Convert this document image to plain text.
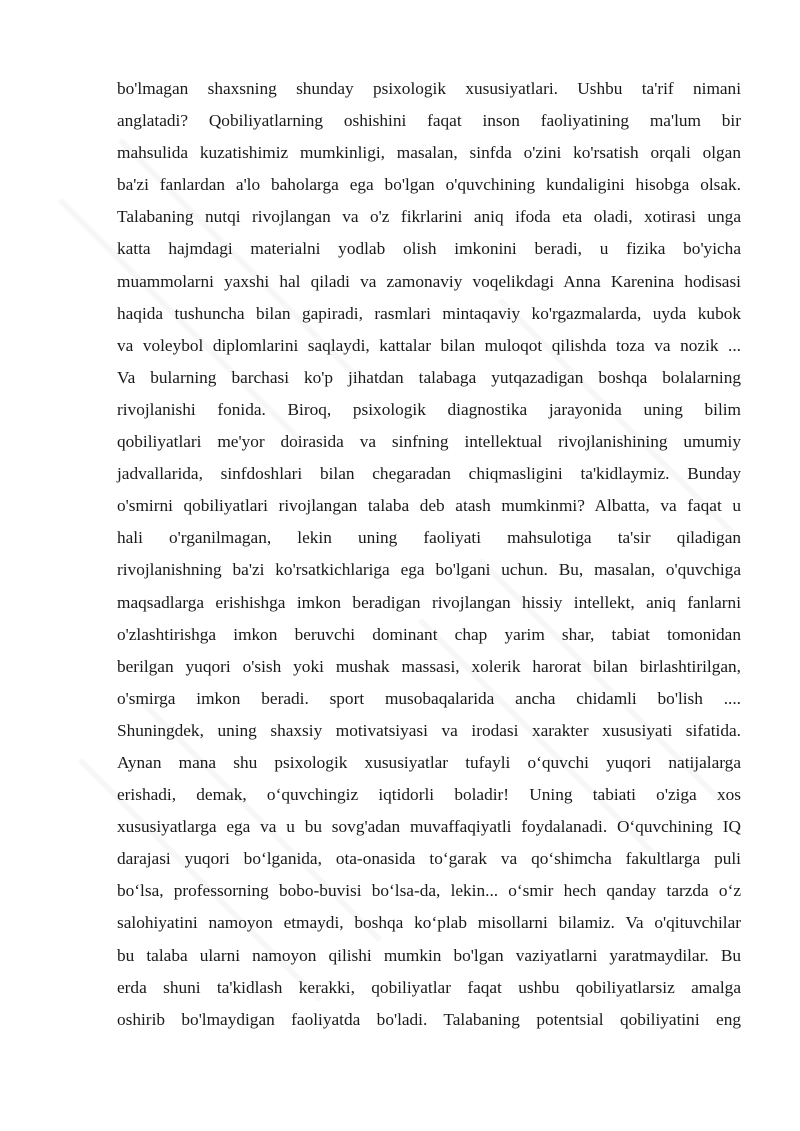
bo'lmagan shaxsning shunday psixologik xususiyatlari. Ushbu ta'rif nimani
anglatadi? Qobiliyatlarning oshishini faqat inson faoliyatining ma'lum bir
mahsulida kuzatishimiz mumkinligi, masalan, sinfda o'zini ko'rsatish orqali olgan
ba'zi fanlardan a'lo baholarga ega bo'lgan o'quvchining kundaligini hisobga olsak.
Talabaning nutqi rivojlangan va o'z fikrlarini aniq ifoda eta oladi, xotirasi unga
katta hajmdagi materialni yodlab olish imkonini beradi, u fizika bo'yicha
muammolarni yaxshi hal qiladi va zamonaviy voqelikdagi Anna Karenina hodisasi
haqida tushuncha bilan gapiradi, rasmlari mintaqaviy ko'rgazmalarda, uyda kubok
va voleybol diplomlarini saqlaydi, kattalar bilan muloqot qilishda toza va nozik ...
Va bularning barchasi ko'p jihatdan talabaga yutqazadigan boshqa bolalarning
rivojlanishi fonida. Biroq, psixologik diagnostika jarayonida uning bilim
qobiliyatlari me'yor doirasida va sinfning intellektual rivojlanishining umumiy
jadvallarida, sinfdoshlari bilan chegaradan chiqmasligini ta'kidlaymiz. Bunday
o'smirni qobiliyatlari rivojlangan talaba deb atash mumkinmi? Albatta, va faqat u
hali o'rganilmagan, lekin uning faoliyati mahsulotiga ta'sir qiladigan
rivojlanishning ba'zi ko'rsatkichlariga ega bo'lgani uchun. Bu, masalan, o'quvchiga
maqsadlarga erishishga imkon beradigan rivojlangan hissiy intellekt, aniq fanlarni
o'zlashtirishga imkon beruvchi dominant chap yarim shar, tabiat tomonidan
berilgan yuqori o'sish yoki mushak massasi, xolerik harorat bilan birlashtirilgan,
o'smirga imkon beradi. sport musobaqalarida ancha chidamli bo'lish ....
Shuningdek, uning shaxsiy motivatsiyasi va irodasi xarakter xususiyati sifatida.
Aynan mana shu psixologik xususiyatlar tufayli o‘quvchi yuqori natijalarga
erishadi, demak, o‘quvchingiz iqtidorli boladir! Uning tabiati o'ziga xos
xususiyatlarga ega va u bu sovg'adan muvaffaqiyatli foydalanadi. O‘quvchining IQ
darajasi yuqori bo‘lganida, ota-onasida to‘garak va qo‘shimcha fakultlarga puli
bo‘lsa, professorning bobo-buvisi bo‘lsa-da, lekin... o‘smir hech qanday tarzda o‘z
salohiyatini namoyon etmaydi, boshqa ko‘plab misollarni bilamiz. Va o'qituvchilar
bu talaba ularni namoyon qilishi mumkin bo'lgan vaziyatlarni yaratmaydilar. Bu
erda shuni ta'kidlash kerakki, qobiliyatlar faqat ushbu qobiliyatlarsiz amalga
oshirib bo'lmaydigan faoliyatda bo'ladi. Talabaning potentsial qobiliyatini eng
